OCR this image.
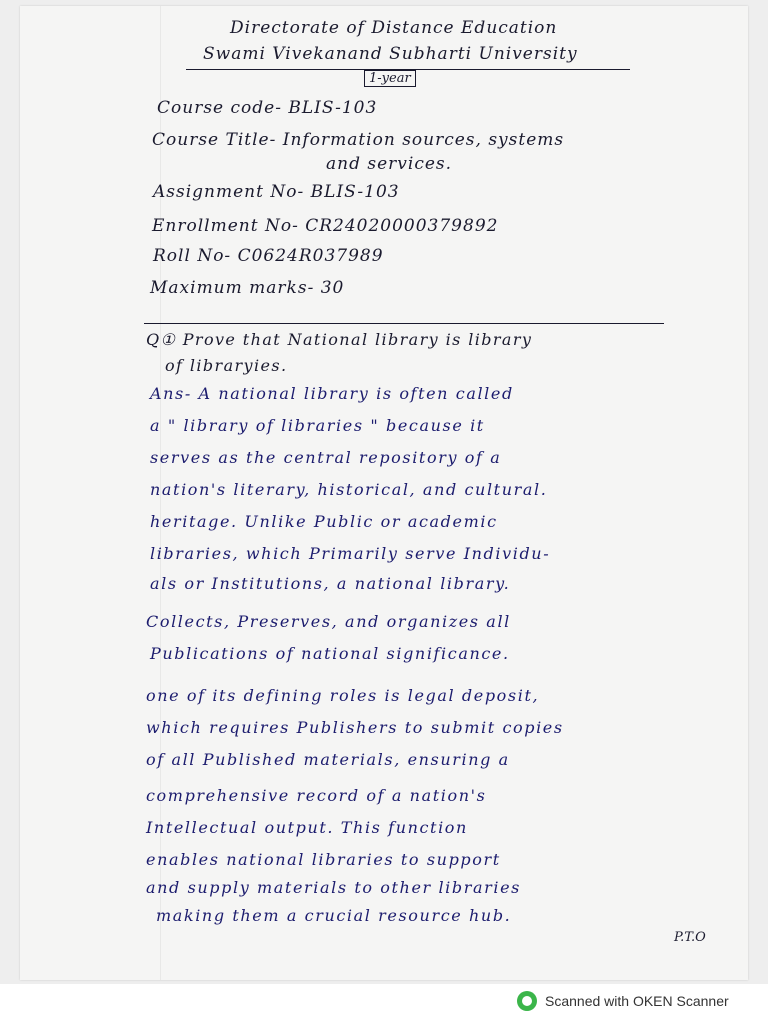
Directorate of Distance Education
Swami Vivekanand Subharti University
1-year
Course code- BLIS-103
Course Title- Information sources, systems
and services.
Assignment No- BLIS-103
Enrollment No- CR24020000379892
Roll No- C0624R037989
Maximum marks- 30
Q① Prove that National library is library
of libraryies.
Ans- A national library is often called
a " library of libraries " because it
serves as the central repository of a
nation's literary, historical, and cultural.
heritage. Unlike Public or academic
libraries, which Primarily serve Individu-
als or Institutions, a national library.
Collects, Preserves, and organizes all
Publications of national significance.
one of its defining roles is legal deposit,
which requires Publishers to submit copies
of all Published materials, ensuring a
comprehensive record of a nation's
Intellectual output. This function
enables national libraries to support
and supply materials to other libraries
making them a crucial resource hub.
P.T.O
Scanned with OKEN Scanner
